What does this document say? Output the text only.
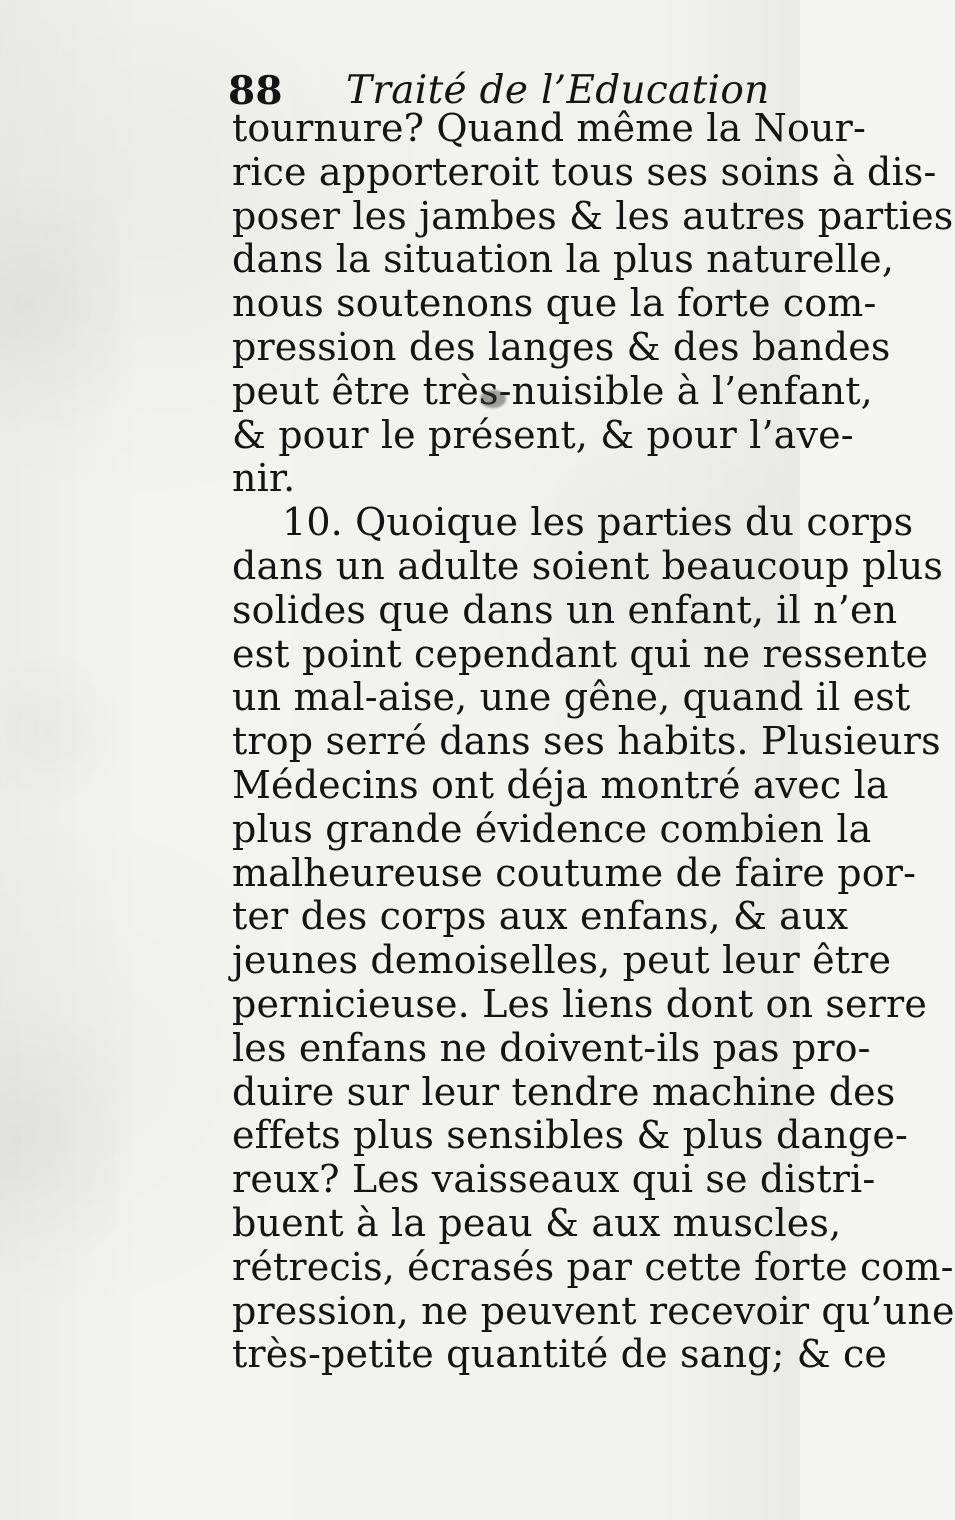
88 Traité de l’Education
tournure? Quand même la Nour-
rice apporteroit tous ses soins à dis-
poser les jambes & les autres parties
dans la situation la plus naturelle,
nous soutenons que la forte com-
pression des langes & des bandes
peut être très-nuisible à l’enfant,
& pour le présent, & pour l’ave-
nir.
10. Quoique les parties du corps
dans un adulte soient beaucoup plus
solides que dans un enfant, il n’en
est point cependant qui ne ressente
un mal-aise, une gêne, quand il est
trop serré dans ses habits. Plusieurs
Médecins ont déja montré avec la
plus grande évidence combien la
malheureuse coutume de faire por-
ter des corps aux enfans, & aux
jeunes demoiselles, peut leur être
pernicieuse. Les liens dont on serre
les enfans ne doivent-ils pas pro-
duire sur leur tendre machine des
effets plus sensibles & plus dange-
reux? Les vaisseaux qui se distri-
buent à la peau & aux muscles,
rétrecis, écrasés par cette forte com-
pression, ne peuvent recevoir qu’une
très-petite quantité de sang; & ce
